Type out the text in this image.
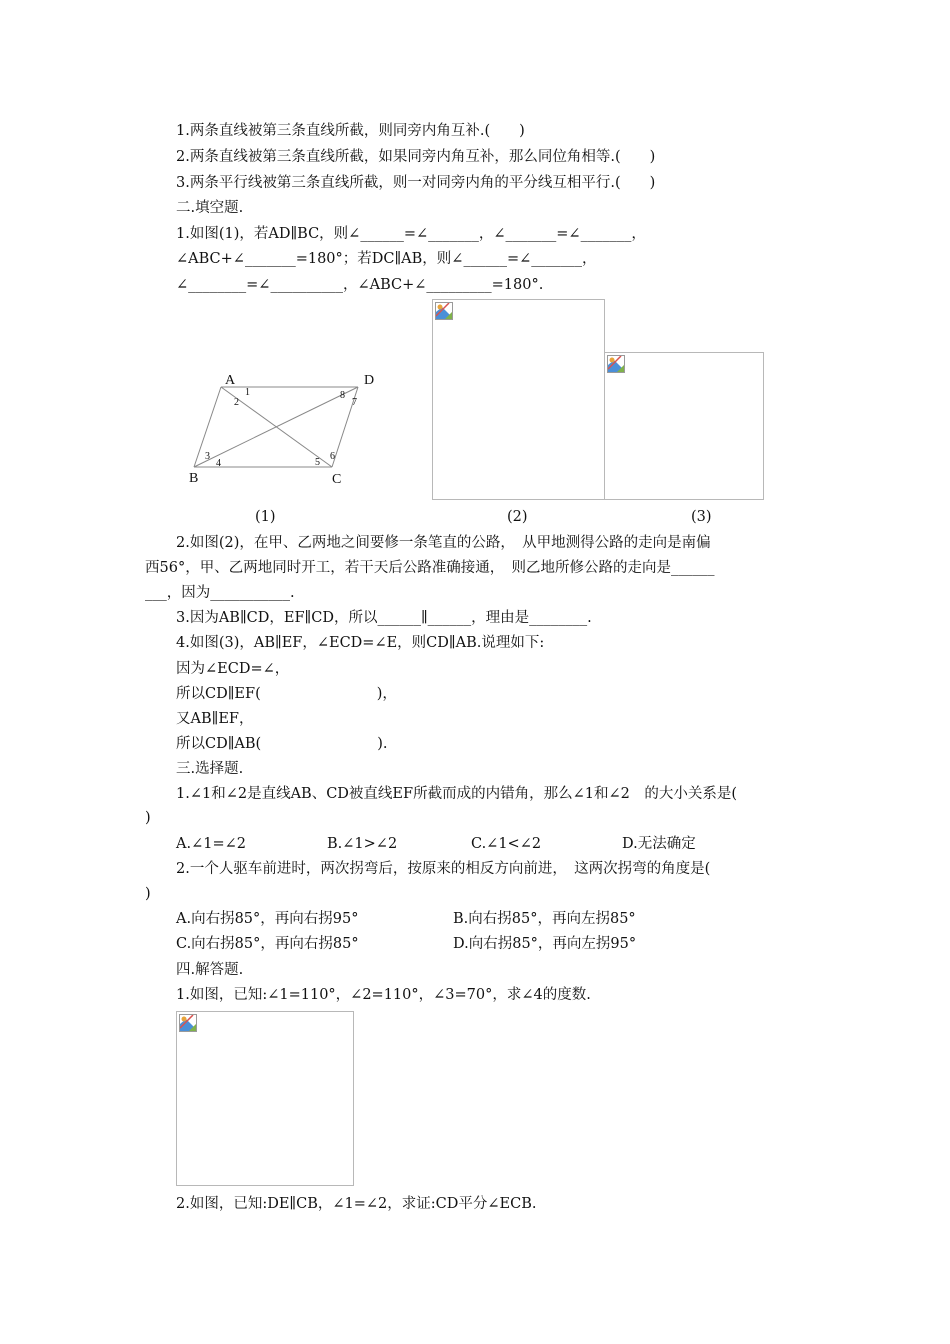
1.两条直线被第三条直线所截，则同旁内角互补.(　　)
2.两条直线被第三条直线所截，如果同旁内角互补，那么同位角相等.(　　)
3.两条平行线被第三条直线所截，则一对同旁内角的平分线互相平行.(　　)
二.填空题.
1.如图(1)，若AD∥BC，则∠______=∠_______，∠_______=∠_______，
∠ABC+∠_______=180°；若DC∥AB，则∠______=∠_______，
∠________=∠__________，∠ABC+∠_________=180°.
A	D
B	C
1
2
8
7
3
4	5
6
(1)	(2)	(3)
2.如图(2)，在甲、乙两地之间要修一条笔直的公路，　从甲地测得公路的走向是南偏
西56°，甲、乙两地同时开工，若干天后公路准确接通，　则乙地所修公路的走向是______
___，因为___________.
3.因为AB∥CD，EF∥CD，所以______∥______，理由是________.
4.如图(3)，AB∥EF，∠ECD=∠E，则CD∥AB.说理如下:
因为∠ECD=∠，
所以CD∥EF(　　　　　　　　)，
又AB∥EF，
所以CD∥AB(　　　　　　　　).
三.选择题.
1.∠1和∠2是直线AB、CD被直线EF所截而成的内错角，那么∠1和∠2　的大小关系是(
)
A.∠1=∠2	B.∠1>∠2	C.∠1<∠2	D.无法确定
2.一个人驱车前进时，两次拐弯后，按原来的相反方向前进，　这两次拐弯的角度是(
)
A.向右拐85°，再向右拐95°	B.向右拐85°，再向左拐85°
C.向右拐85°，再向右拐85°	D.向右拐85°，再向左拐95°
四.解答题.
1.如图，已知:∠1=110°，∠2=110°，∠3=70°，求∠4的度数.
2.如图，已知:DE∥CB，∠1=∠2，求证:CD平分∠ECB.
